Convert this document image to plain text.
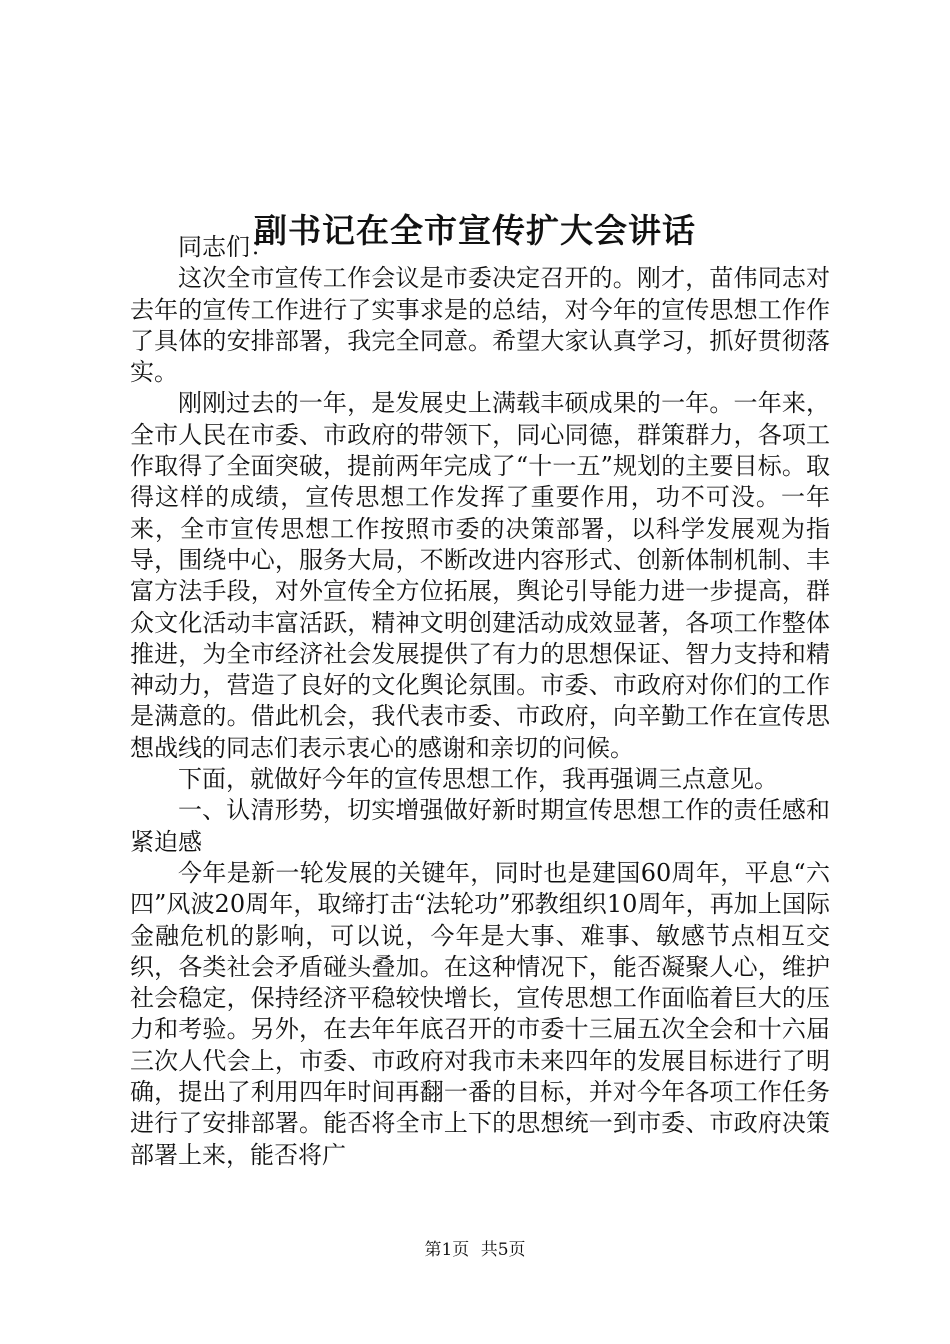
副书记在全市宣传扩大会讲话

同志们：

这次全市宣传工作会议是市委决定召开的。刚才，苗伟同志对去年的宣传工作进行了实事求是的总结，对今年的宣传思想工作作了具体的安排部署，我完全同意。希望大家认真学习，抓好贯彻落实。

刚刚过去的一年，是发展史上满载丰硕成果的一年。一年来，全市人民在市委、市政府的带领下，同心同德，群策群力，各项工作取得了全面突破，提前两年完成了“十一五”规划的主要目标。取得这样的成绩，宣传思想工作发挥了重要作用，功不可没。一年来，全市宣传思想工作按照市委的决策部署，以科学发展观为指导，围绕中心，服务大局，不断改进内容形式、创新体制机制、丰富方法手段，对外宣传全方位拓展，舆论引导能力进一步提高，群众文化活动丰富活跃，精神文明创建活动成效显著，各项工作整体推进，为全市经济社会发展提供了有力的思想保证、智力支持和精神动力，营造了良好的文化舆论氛围。市委、市政府对你们的工作是满意的。借此机会，我代表市委、市政府，向辛勤工作在宣传思想战线的同志们表示衷心的感谢和亲切的问候。

下面，就做好今年的宣传思想工作，我再强调三点意见。

一、认清形势，切实增强做好新时期宣传思想工作的责任感和紧迫感

今年是新一轮发展的关键年，同时也是建国60周年，平息“六四”风波20周年，取缔打击“法轮功”邪教组织10周年，再加上国际金融危机的影响，可以说，今年是大事、难事、敏感节点相互交织，各类社会矛盾碰头叠加。在这种情况下，能否凝聚人心，维护社会稳定，保持经济平稳较快增长，宣传思想工作面临着巨大的压力和考验。另外，在去年年底召开的市委十三届五次全会和十六届三次人代会上，市委、市政府对我市未来四年的发展目标进行了明确，提出了利用四年时间再翻一番的目标，并对今年各项工作任务进行了安排部署。能否将全市上下的思想统一到市委、市政府决策部署上来，能否将广

第1页 共5页
